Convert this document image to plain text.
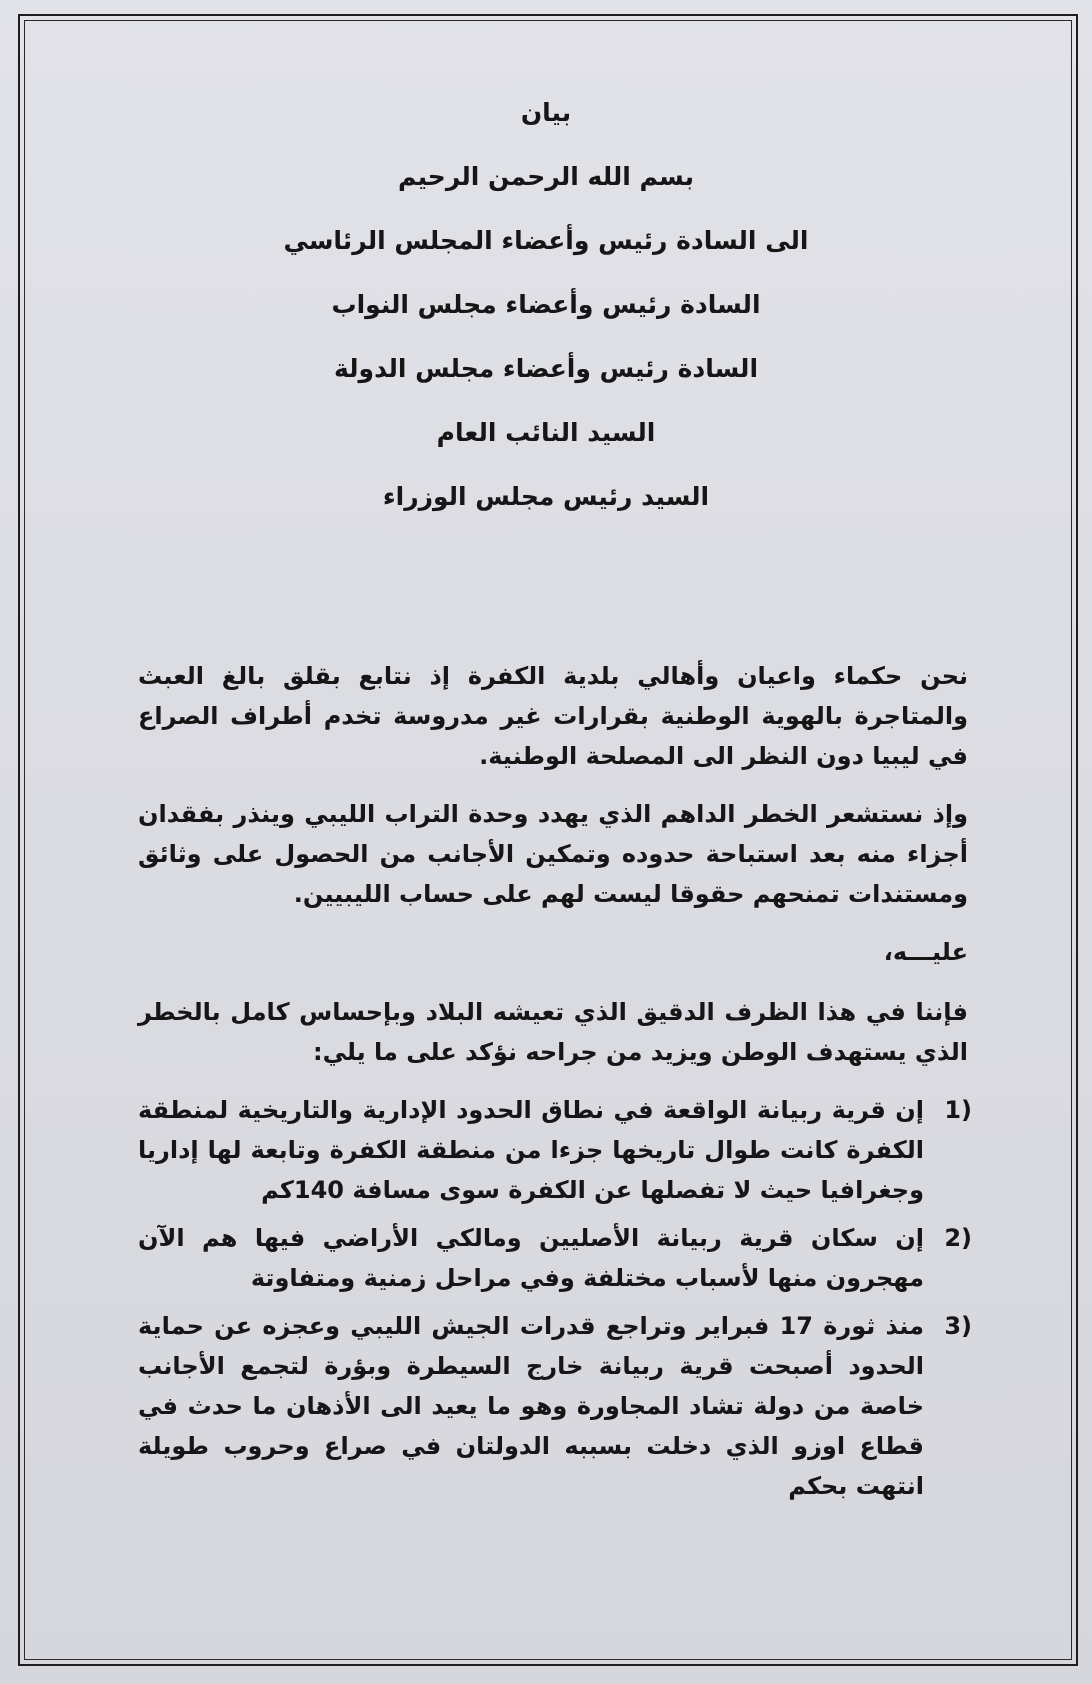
بيان
بسم الله الرحمن الرحيم
الى السادة رئيس وأعضاء المجلس الرئاسي
السادة رئيس وأعضاء مجلس النواب
السادة رئيس وأعضاء مجلس الدولة
السيد النائب العام
السيد رئيس مجلس الوزراء

نحن حكماء واعيان وأهالي بلدية الكفرة إذ نتابع بقلق بالغ العبث والمتاجرة بالهوية الوطنية بقرارات غير مدروسة تخدم أطراف الصراع في ليبيا دون النظر الى المصلحة الوطنية.

وإذ نستشعر الخطر الداهم الذي يهدد وحدة التراب الليبي وينذر بفقدان أجزاء منه بعد استباحة حدوده وتمكين الأجانب من الحصول على وثائق ومستندات تمنحهم حقوقا ليست لهم على حساب الليبيين.

عليـــه،

فإننا في هذا الظرف الدقيق الذي تعيشه البلاد وبإحساس كامل بالخطر الذي يستهدف الوطن ويزيد من جراحه نؤكد على ما يلي:

(1
إن قرية ربيانة الواقعة في نطاق الحدود الإدارية والتاريخية لمنطقة الكفرة كانت طوال تاريخها جزءا من منطقة الكفرة وتابعة لها إداريا وجغرافيا حيث لا تفصلها عن الكفرة سوى مسافة 140كم
(2
إن سكان قرية ربيانة الأصليين ومالكي الأراضي فيها هم الآن مهجرون منها لأسباب مختلفة وفي مراحل زمنية ومتفاوتة
(3
منذ ثورة 17 فبراير وتراجع قدرات الجيش الليبي وعجزه عن حماية الحدود أصبحت قرية ربيانة خارج السيطرة وبؤرة لتجمع الأجانب خاصة من دولة تشاد المجاورة وهو ما يعيد الى الأذهان ما حدث في قطاع اوزو الذي دخلت بسببه الدولتان في صراع وحروب طويلة انتهت بحكم
